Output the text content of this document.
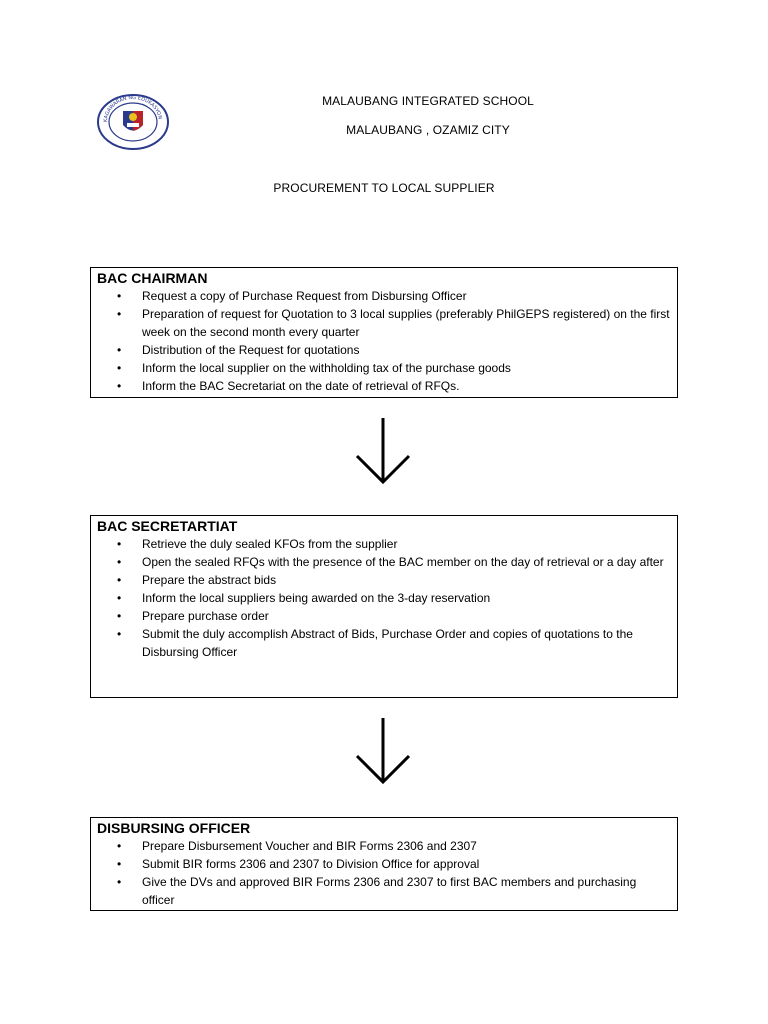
KAGAWARAN NG EDUKASYON
MALAUBANG INTEGRATED SCHOOL
MALAUBANG , OZAMIZ CITY
PROCUREMENT TO LOCAL SUPPLIER

BAC CHAIRMAN

• Request a copy of Purchase Request from Disbursing Officer
• Preparation of request for Quotation to 3 local supplies (preferably PhilGEPS registered) on the first week on the second month every quarter
• Distribution of the Request for quotations
• Inform the local supplier on the withholding tax of the purchase goods
• Inform the BAC Secretariat on the date of retrieval of RFQs.

BAC SECRETARTIAT

• Retrieve the duly sealed KFOs from the supplier
• Open the sealed RFQs with the presence of the BAC member on the day of retrieval or a day after
• Prepare the abstract bids
• Inform the local suppliers being awarded on the 3-day reservation
• Prepare purchase order
• Submit the duly accomplish Abstract of Bids, Purchase Order and copies of quotations to the Disbursing Officer

DISBURSING OFFICER

• Prepare Disbursement Voucher and BIR Forms 2306 and 2307
• Submit BIR forms 2306 and 2307 to Division Office for approval
• Give the DVs and approved BIR Forms 2306 and 2307 to first BAC members and purchasing officer
